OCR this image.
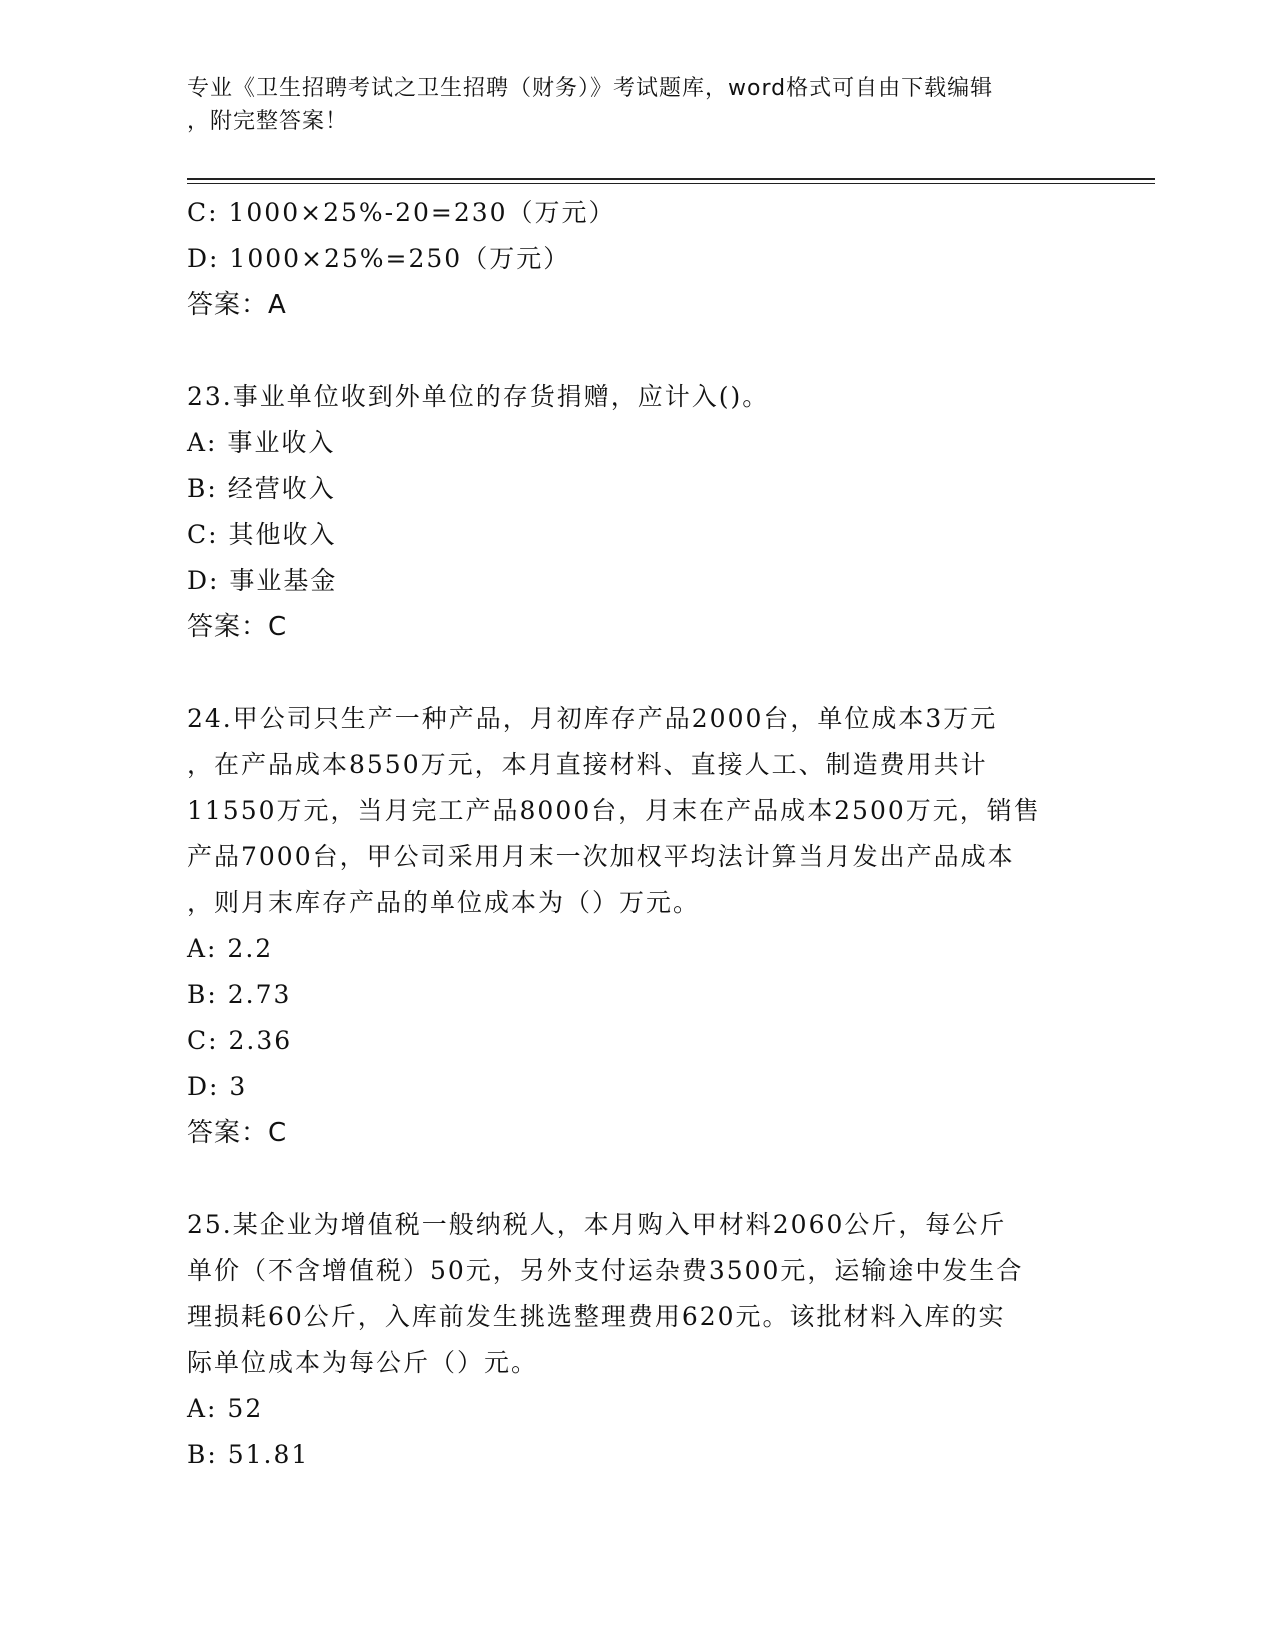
专业《卫生招聘考试之卫生招聘（财务）》考试题库，word格式可自由下载编辑
，附完整答案！
C: 1000×25%-20=230（万元）
D: 1000×25%=250（万元）
答案：A
23.事业单位收到外单位的存货捐赠，应计入()。
A: 事业收入
B: 经营收入
C: 其他收入
D: 事业基金
答案：C
24.甲公司只生产一种产品，月初库存产品2000台，单位成本3万元
，在产品成本8550万元，本月直接材料、直接人工、制造费用共计
11550万元，当月完工产品8000台，月末在产品成本2500万元，销售
产品7000台，甲公司采用月末一次加权平均法计算当月发出产品成本
，则月末库存产品的单位成本为（）万元。
A: 2.2
B: 2.73
C: 2.36
D: 3
答案：C
25.某企业为增值税一般纳税人，本月购入甲材料2060公斤，每公斤
单价（不含增值税）50元，另外支付运杂费3500元，运输途中发生合
理损耗60公斤，入库前发生挑选整理费用620元。该批材料入库的实
际单位成本为每公斤（）元。
A: 52
B: 51.81
